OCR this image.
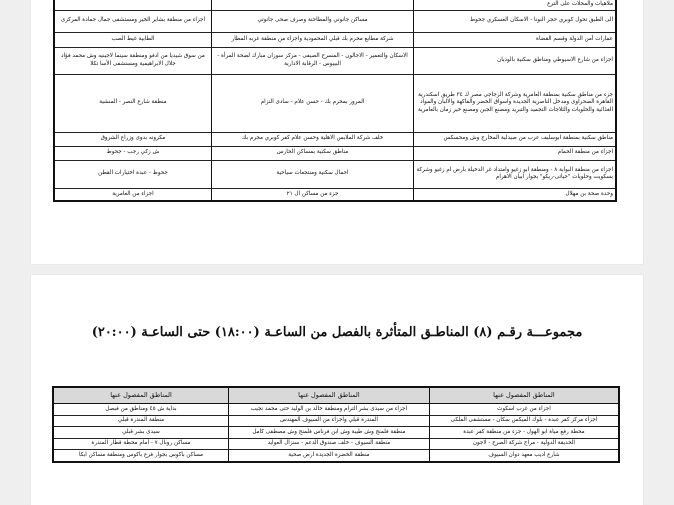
ملاهيات والمحلات على الترع		
الى الطبق تحول كوبري حجر النونا - الاسكان العسكري جحوط	مساكن جانوتي والمطاحنة وصرف صحى جانوتي	اجزاء من منطقة بشاير الخير ومستشفى جمال حمادة المركزى
عمارات أمن الدولة وقسم القضاة	شركة مطابع محرم بك قبلي المحمودية واجزاء من منطقة غربه المطار	الطابية غيط الصب
اجزاء من شارع الاسيوطي ومناطق سكنية بالوديان	الاسكان والتعمير - الاجالون - المسرح الصيفى - مركز سوزان مبارك لصحة المرأة - البيبوس - الرقابة الادارية	من سوق شيديا من ادفو ومنطقة سينما لاجينيه وش محمد فؤاد جلال الابراهيمية ومستشفى الأسا تكلا
جزء من مناطق سكنية بمنطقة العامرية وشركة الزجاجى مصر ك ٣٤ طريق اسكندرية القاهرة الصحراوى ومدخل الناصرية الجديدة واسواق الخضر والفاكهة والالبان والمواد الغذائية والحلويات والثلاجات التجميد والتبريد ومصنع الجبن ومصنع خير زمان بالعامرية	المرور بمحرم بك - حسن علام - سادى النزام	منطقة شارع النصر - المنشية
مناطق سكنية بمنطقة ابوسليف عرب من صيدلية المخارج وش ومحسكس	خلف شركة الملابس الاهلية وحسن علام كفر كوبري محرم بك	مكرونه بدوى وزراع الشروق
اجزاء من منطقة الحمام	مناطق سكنية بمساكن الحارس	ش زكي رجب - جحوط
اجزاء من منطقة البوابة ٨ - ومنطقة ابو زغيو وامتداد غر الدخيلة بارض ام زغيو وشركة بسكويت وحلويات "حياتى-ريكو" بجوار ابيان الاهرام	احمال سكنية ومنتجعات سياحية	جحوط - عبدة اختيارات القطن
وحدة صحة بن مهلال	جزء من مساكن ال ٢١	اجزاء من العامرية
مجموعـــة رقـم (٨) المناطـق المتأثرة بالفصل من الساعـة (١٨:٠٠) حتى الساعـة (٢٠:٠٠)
المناطق المفصول عنها	المناطق المفصول عنها	المناطق المفصول عنها
اجزاء من غرب اسكوت	اجزاء من سيدى بشر الترام ومنطقة خالد بن الوليد حتى محمد نجيب	بداية ش ٤٥ ومناطق من فيصل
اجزاء مركز كفر عبدة - بلوك الميكس سكان - مستشفى الملكى	المندرة قبلي واجزاء من السيوف المهندس	منطقة المندرة قبلي
محطة رفع مياة ابو الهول - جزء من منطقة كفر عبدة	منطقة فلمنج وش طيبة وش ابن فرناس فلمنج وش مصطفى كامل	سيدى بشر قبلي
الحديقة الدولية - مراج شركة الصرح - لاجون	منطقة السيوف - خلف صندوق الدعم - سنزال العوايد	مساكن روبال ٧ - أمام محطة قطار المندرة
شارع اديب معهد دوان السيوف	منطقة الخضرة الجديدة ارض صحية	مساكن باكوس بجوار فرع باكوس ومنطقة مساكن ابكا
